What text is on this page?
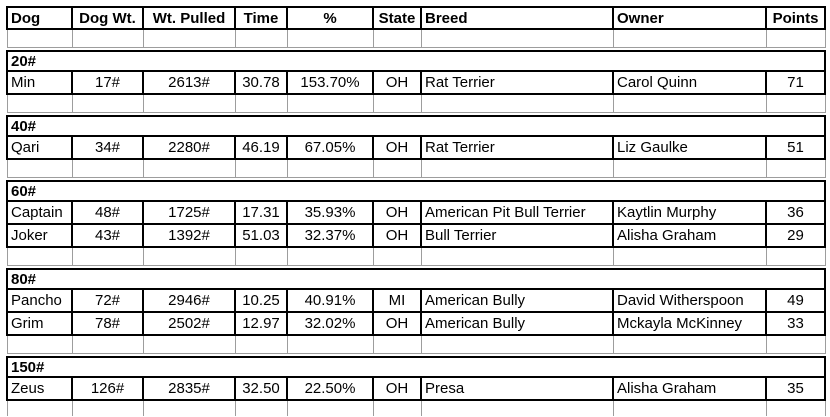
Dog	Dog Wt.	Wt. Pulled	Time	%	State	Breed	Owner	Points

20#								
Min	17#	2613#	30.78	153.70%	OH	Rat Terrier	Carol Quinn	71

40#								
Qari	34#	2280#	46.19	67.05%	OH	Rat Terrier	Liz Gaulke	51

60#								
Captain	48#	1725#	17.31	35.93%	OH	American Pit Bull Terrier	Kaytlin Murphy	36
Joker	43#	1392#	51.03	32.37%	OH	Bull Terrier	Alisha Graham	29

80#								
Pancho	72#	2946#	10.25	40.91%	MI	American Bully	David Witherspoon	49
Grim	78#	2502#	12.97	32.02%	OH	American Bully	Mckayla McKinney	33

150#								
Zeus	126#	2835#	32.50	22.50%	OH	Presa	Alisha Graham	35
